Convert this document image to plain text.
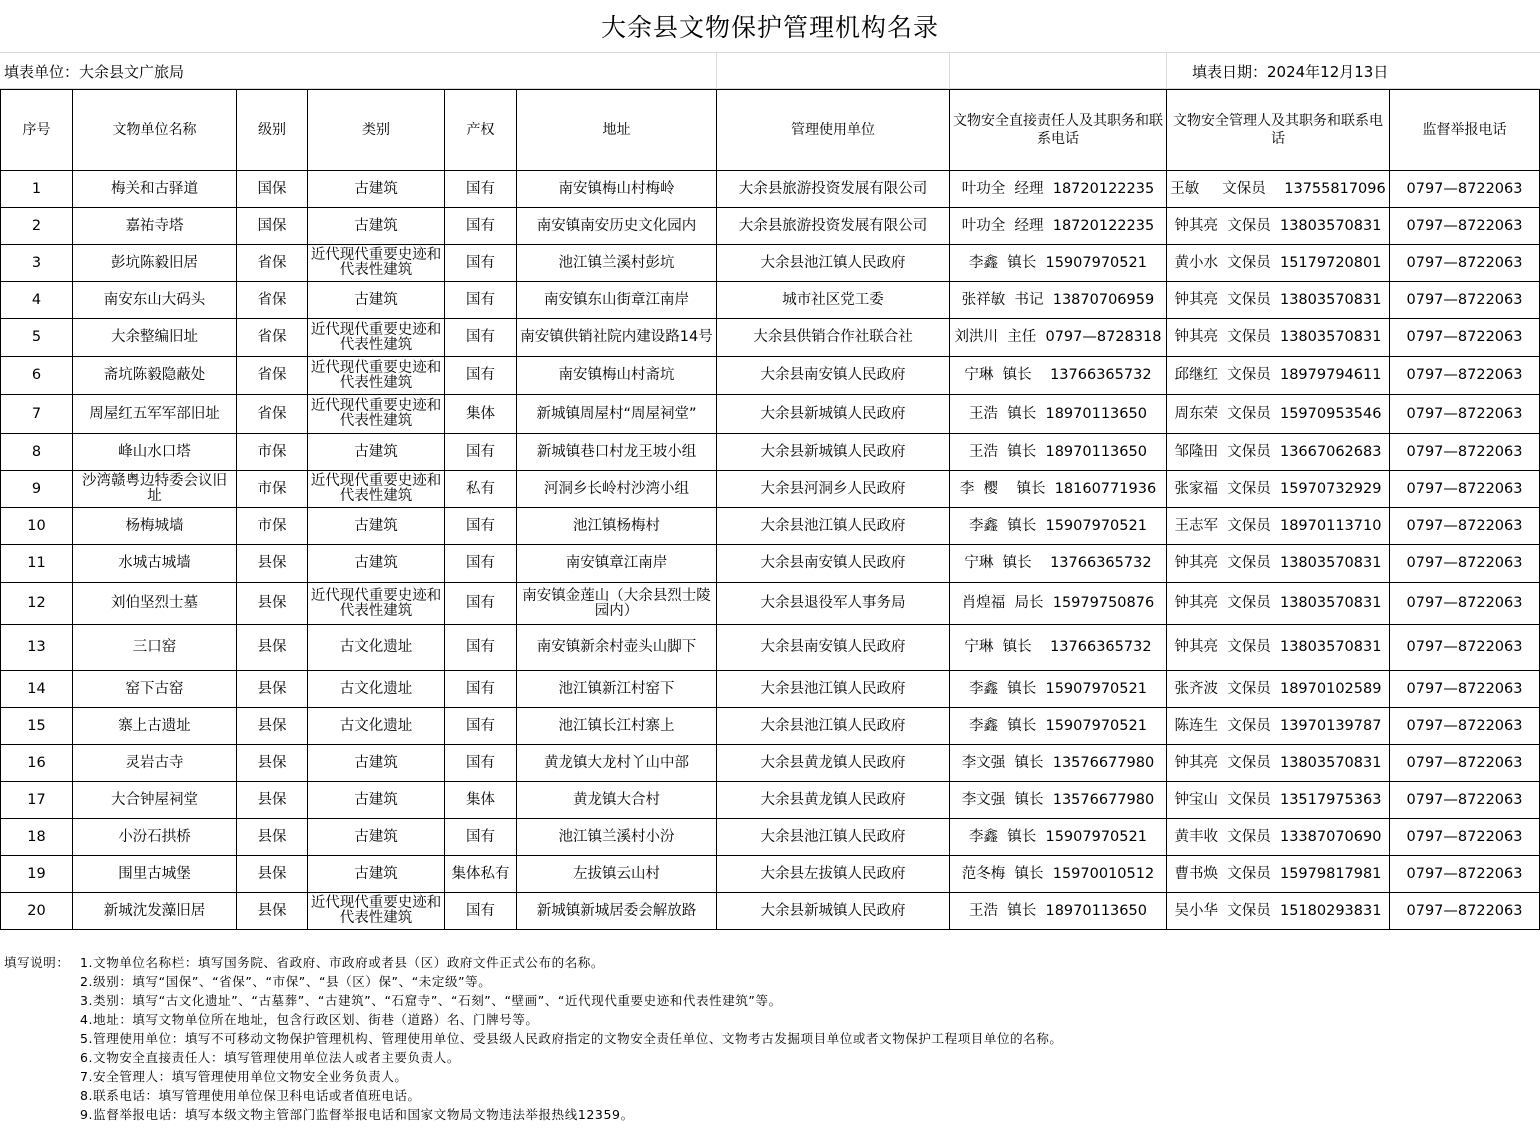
大余县文物保护管理机构名录
填表单位：大余县文广旅局	填表日期：2024年12月13日
序号	文物单位名称	级别	类别	产权	地址	管理使用单位	文物安全直接责任人及其职务和联系电话	文物安全管理人及其职务和联系电话	监督举报电话
1	梅关和古驿道	国保	古建筑	国有	南安镇梅山村梅岭	大余县旅游投资发展有限公司	叶功全  经理  18720122235	王敏     文保员    13755817096	0797—8722063
2	嘉祐寺塔	国保	古建筑	国有	南安镇南安历史文化园内	大余县旅游投资发展有限公司	叶功全  经理  18720122235	钟其亮  文保员  13803570831	0797—8722063
3	彭坑陈毅旧居	省保	近代现代重要史迹和代表性建筑	国有	池江镇兰溪村彭坑	大余县池江镇人民政府	李鑫  镇长  15907970521	黄小水  文保员  15179720801	0797—8722063
4	南安东山大码头	省保	古建筑	国有	南安镇东山街章江南岸	城市社区党工委	张祥敏  书记  13870706959	钟其亮  文保员  13803570831	0797—8722063
5	大余整编旧址	省保	近代现代重要史迹和代表性建筑	国有	南安镇供销社院内建设路14号	大余县供销合作社联合社	刘洪川  主任  0797—8728318	钟其亮  文保员  13803570831	0797—8722063
6	斋坑陈毅隐蔽处	省保	近代现代重要史迹和代表性建筑	国有	南安镇梅山村斋坑	大余县南安镇人民政府	宁琳  镇长    13766365732	邱继红  文保员  18979794611	0797—8722063
7	周屋红五军军部旧址	省保	近代现代重要史迹和代表性建筑	集体	新城镇周屋村“周屋祠堂”	大余县新城镇人民政府	王浩  镇长  18970113650	周东荣  文保员  15970953546	0797—8722063
8	峰山水口塔	市保	古建筑	国有	新城镇巷口村龙王坡小组	大余县新城镇人民政府	王浩  镇长  18970113650	邹隆田  文保员  13667062683	0797—8722063
9	沙湾赣粤边特委会议旧址	市保	近代现代重要史迹和代表性建筑	私有	河洞乡长岭村沙湾小组	大余县河洞乡人民政府	李  樱    镇长  18160771936	张家福  文保员  15970732929	0797—8722063
10	杨梅城墙	市保	古建筑	国有	池江镇杨梅村	大余县池江镇人民政府	李鑫  镇长  15907970521	王志军  文保员  18970113710	0797—8722063
11	水城古城墙	县保	古建筑	国有	南安镇章江南岸	大余县南安镇人民政府	宁琳  镇长    13766365732	钟其亮  文保员  13803570831	0797—8722063
12	刘伯坚烈士墓	县保	近代现代重要史迹和代表性建筑	国有	南安镇金莲山（大余县烈士陵园内）	大余县退役军人事务局	肖煌福  局长  15979750876	钟其亮  文保员  13803570831	0797—8722063
13	三口窑	县保	古文化遗址	国有	南安镇新余村壶头山脚下	大余县南安镇人民政府	宁琳  镇长    13766365732	钟其亮  文保员  13803570831	0797—8722063
14	窑下古窑	县保	古文化遗址	国有	池江镇新江村窑下	大余县池江镇人民政府	李鑫  镇长  15907970521	张齐波  文保员  18970102589	0797—8722063
15	寨上古遗址	县保	古文化遗址	国有	池江镇长江村寨上	大余县池江镇人民政府	李鑫  镇长  15907970521	陈连生  文保员  13970139787	0797—8722063
16	灵岩古寺	县保	古建筑	国有	黄龙镇大龙村丫山中部	大余县黄龙镇人民政府	李文强  镇长  13576677980	钟其亮  文保员  13803570831	0797—8722063
17	大合钟屋祠堂	县保	古建筑	集体	黄龙镇大合村	大余县黄龙镇人民政府	李文强  镇长  13576677980	钟宝山  文保员  13517975363	0797—8722063
18	小汾石拱桥	县保	古建筑	国有	池江镇兰溪村小汾	大余县池江镇人民政府	李鑫  镇长  15907970521	黄丰收  文保员  13387070690	0797—8722063
19	围里古城堡	县保	古建筑	集体私有	左拔镇云山村	大余县左拔镇人民政府	范冬梅  镇长  15970010512	曹书焕  文保员  15979817981	0797—8722063
20	新城沈发藻旧居	县保	近代现代重要史迹和代表性建筑	国有	新城镇新城居委会解放路	大余县新城镇人民政府	王浩  镇长  18970113650	吴小华  文保员  15180293831	0797—8722063
填写说明： 1.文物单位名称栏：填写国务院、省政府、市政府或者县（区）政府文件正式公布的名称。
2.级别：填写“国保”、“省保”、“市保”、“县（区）保”、“未定级”等。
3.类别：填写“古文化遗址”、“古墓葬”、“古建筑”、“石窟寺”、“石刻”、“壁画”、“近代现代重要史迹和代表性建筑”等。
4.地址：填写文物单位所在地址，包含行政区划、街巷（道路）名、门牌号等。
5.管理使用单位：填写不可移动文物保护管理机构、管理使用单位、受县级人民政府指定的文物安全责任单位、文物考古发掘项目单位或者文物保护工程项目单位的名称。
6.文物安全直接责任人：填写管理使用单位法人或者主要负责人。
7.安全管理人：填写管理使用单位文物安全业务负责人。
8.联系电话：填写管理使用单位保卫科电话或者值班电话。
9.监督举报电话：填写本级文物主管部门监督举报电话和国家文物局文物违法举报热线12359。
